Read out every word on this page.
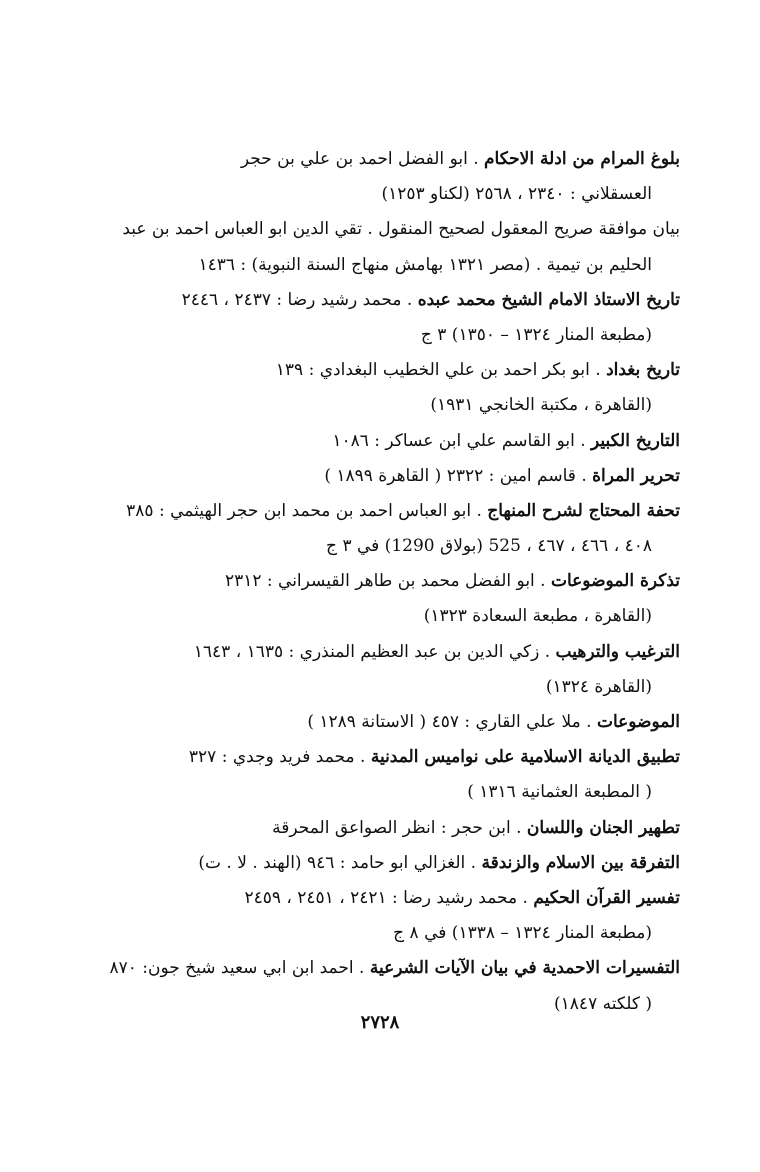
بلوغ المرام من ادلة الاحكام . ابو الفضل احمد بن علي بن حجر
العسقلاني : ٢٣٤٠ ، ٢٥٦٨ (لكناو ١٢٥٣)
بيان موافقة صريح المعقول لصحيح المنقول . تقي الدين ابو العباس احمد بن عبد
الحليم بن تيمية . (مصر ١٣٢١ بهامش منهاج السنة النبوية) : ١٤٣٦
تاريخ الاستاذ الامام الشيخ محمد عبده . محمد رشيد رضا : ٢٤٣٧ ، ٢٤٤٦
(مطبعة المنار ١٣٢٤ – ١٣٥٠) ٣ ج
تاريخ بغداد . ابو بكر احمد بن علي الخطيب البغدادي : ١٣٩
(القاهرة ، مكتبة الخانجي ١٩٣١)
التاريخ الكبير . ابو القاسم علي ابن عساكر : ١٠٨٦
تحرير المراة . قاسم امين : ٢٣٢٢ ( القاهرة ١٨٩٩ )
تحفة المحتاج لشرح المنهاج . ابو العباس احمد بن محمد ابن حجر الهيثمي : ٣٨٥
٤٠٨ ، ٤٦٦ ، ٤٦٧ ، 525 (بولاق 1290) في ٣ ج
تذكرة الموضوعات . ابو الفضل محمد بن طاهر القيسراني : ٢٣١٢
(القاهرة ، مطبعة السعادة ١٣٢٣)
الترغيب والترهيب . زكي الدين بن عبد العظيم المنذري : ١٦٣٥ ، ١٦٤٣
(القاهرة ١٣٢٤)
الموضوعات . ملا علي القاري : ٤٥٧ ( الاستانة ١٢٨٩ )
تطبيق الديانة الاسلامية على نواميس المدنية . محمد فريد وجدي : ٣٢٧
( المطبعة العثمانية ١٣١٦ )
تطهير الجنان واللسان . ابن حجر : انظر الصواعق المحرقة
التفرقة بين الاسلام والزندقة . الغزالي ابو حامد : ٩٤٦ (الهند . لا . ت)
تفسير القرآن الحكيم . محمد رشيد رضا : ٢٤٢١ ، ٢٤٥١ ، ٢٤٥٩
(مطبعة المنار ١٣٢٤ – ١٣٣٨) في ٨ ج
التفسيرات الاحمدية في بيان الآيات الشرعية . احمد ابن ابي سعيد شيخ جون: ٨٧٠
( كلكته ١٨٤٧)
٢٧٢٨
